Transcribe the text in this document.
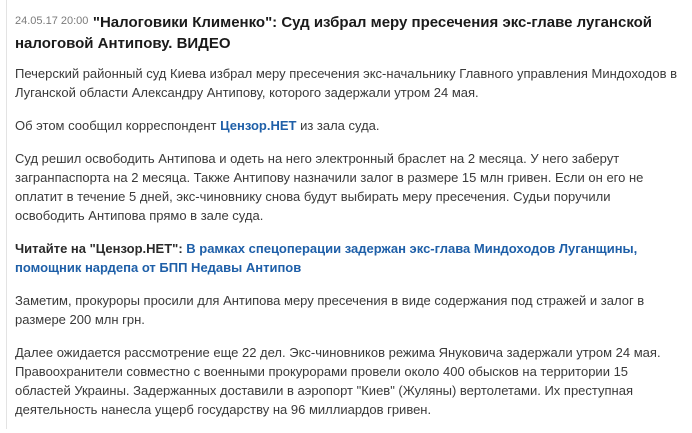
$^{24.05.17 20:00}$ "Налоговики Клименко": Суд избрал меру пресечения экс-главе луганской налоговой Антипову. ВИДЕО

Печерский районный суд Киева избрал меру пресечения экс-начальнику Главного управления Миндоходов в Луганской области Александру Антипову, которого задержали утром 24 мая.

Об этом сообщил корреспондент Цензор.НЕТ из зала суда.

Суд решил освободить Антипова и одеть на него электронный браслет на 2 месяца. У него заберут загранпаспорта на 2 месяца. Также Антипову назначили залог в размере 15 млн гривен. Если он его не оплатит в течение 5 дней, экс-чиновнику снова будут выбирать меру пресечения. Судьи поручили освободить Антипова прямо в зале суда.

Читайте на "Цензор.НЕТ": В рамках спецоперации задержан экс-глава Миндоходов Луганщины, помощник нардепа от БПП Недавы Антипов

Заметим, прокуроры просили для Антипова меру пресечения в виде содержания под стражей и залог в размере 200 млн грн.

Далее ожидается рассмотрение еще 22 дел. Экс-чиновников режима Януковича задержали утром 24 мая. Правоохранители совместно с военными прокурорами провели около 400 обысков на территории 15 областей Украины. Задержанных доставили в аэропорт "Киев" (Жуляны) вертолетами. Их преступная деятельность нанесла ущерб государству на 96 миллиардов гривен.
